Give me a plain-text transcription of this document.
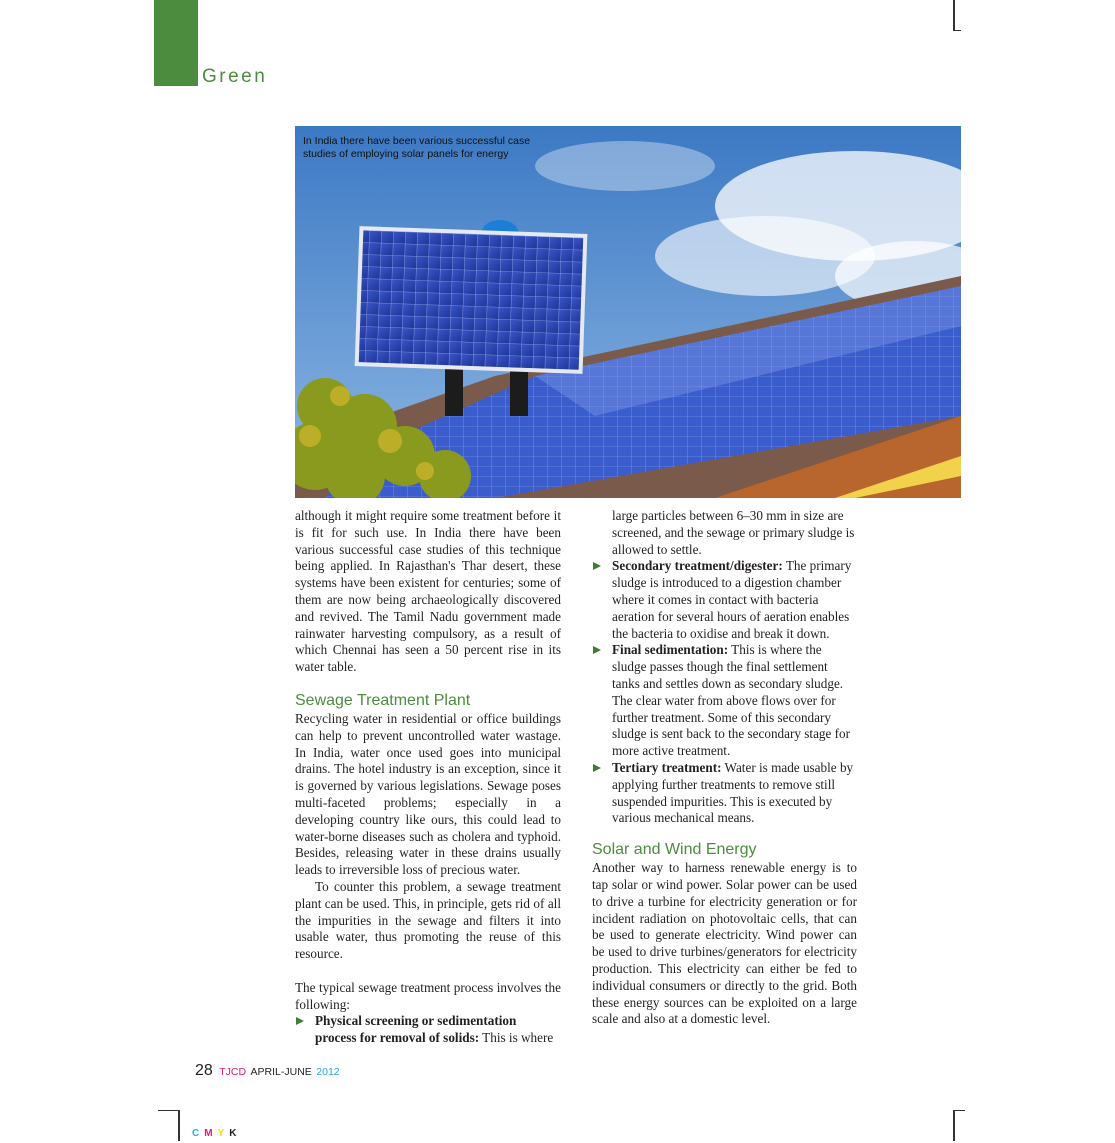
Green
In India there have been various successful case studies of employing solar panels for energy

although it might require some treatment before it is fit for such use. In India there have been various successful case studies of this technique being applied. In Rajasthan's Thar desert, these systems have been existent for centuries; some of them are now being archaeologically discovered and revived. The Tamil Nadu government made rainwater harvesting compulsory, as a result of which Chennai has seen a 50 percent rise in its water table.

Sewage Treatment Plant

Recycling water in residential or office buildings can help to prevent uncontrolled water wastage. In India, water once used goes into municipal drains. The hotel industry is an exception, since it is governed by various legislations. Sewage poses multi-faceted problems; especially in a developing country like ours, this could lead to water-borne diseases such as cholera and typhoid. Besides, releasing water in these drains usually leads to irreversible loss of precious water.

To counter this problem, a sewage treatment plant can be used. This, in principle, gets rid of all the impurities in the sewage and filters it into usable water, thus promoting the reuse of this resource.

The typical sewage treatment process involves the following:

Physical screening or sedimentation process for removal of solids: This is where

large particles between 6–30 mm in size are screened, and the sewage or primary sludge is allowed to settle.

Secondary treatment/digester: The primary sludge is introduced to a digestion chamber where it comes in contact with bacteria aeration for several hours of aeration enables the bacteria to oxidise and break it down.
Final sedimentation: This is where the sludge passes though the final settlement tanks and settles down as secondary sludge. The clear water from above flows over for further treatment. Some of this secondary sludge is sent back to the secondary stage for more active treatment.
Tertiary treatment: Water is made usable by applying further treatments to remove still suspended impurities. This is executed by various mechanical means.
Solar and Wind Energy

Another way to harness renewable energy is to tap solar or wind power. Solar power can be used to drive a turbine for electricity generation or for incident radiation on photovoltaic cells, that can be used to generate electricity. Wind power can be used to drive turbines/generators for electricity production. This electricity can either be fed to individual consumers or directly to the grid. Both these energy sources can be exploited on a large scale and also at a domestic level.

28 TJCD APRIL-JUNE 2012
CMYK
